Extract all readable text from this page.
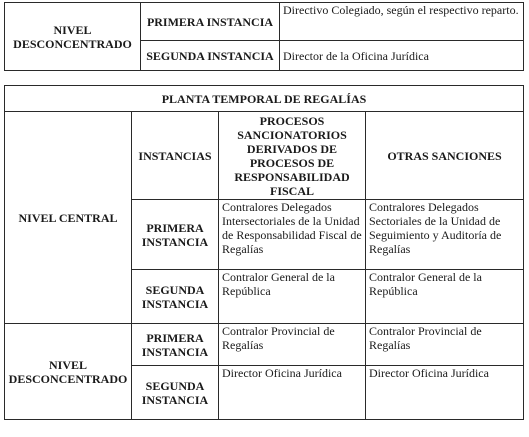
NIVEL DESCONCENTRADO	PRIMERA INSTANCIA	Directivo Colegiado, según el respectivo reparto.
	SEGUNDA INSTANCIA	Director de la Oficina Jurídica
PLANTA TEMPORAL DE REGALÍAS			
NIVEL CENTRAL	INSTANCIAS	PROCESOS SANCIONATORIOS DERIVADOS DE PROCESOS DE RESPONSABILIDAD FISCAL	OTRAS SANCIONES
	PRIMERA INSTANCIA	Contralores Delegados Intersectoriales de la Unidad de Responsabilidad Fiscal de Regalías	Contralores Delegados Sectoriales de la Unidad de Seguimiento y Auditoría de Regalías
	SEGUNDA INSTANCIA	Contralor General de la República	Contralor General de la República
NIVEL DESCONCENTRADO	PRIMERA INSTANCIA	Contralor Provincial de Regalías	Contralor Provincial de Regalías
	SEGUNDA INSTANCIA	Director Oficina Jurídica	Director Oficina Jurídica
